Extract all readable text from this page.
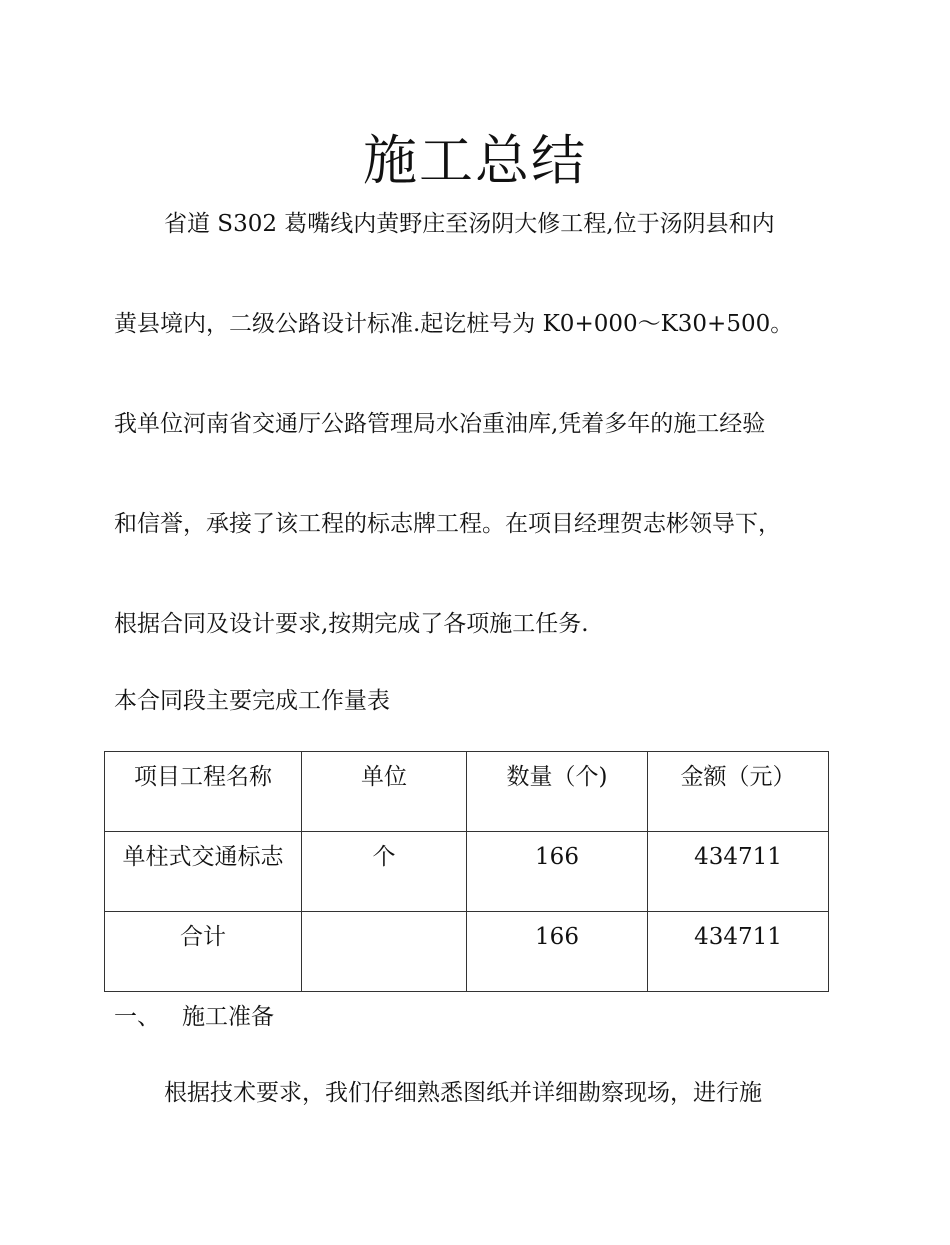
施工总结
省道 S302 葛嘴线内黄野庄至汤阴大修工程,位于汤阴县和内
黄县境内，二级公路设计标准.起讫桩号为 K0+000～K30+500。
我单位河南省交通厅公路管理局水冶重油库,凭着多年的施工经验
和信誉，承接了该工程的标志牌工程。在项目经理贺志彬领导下，
根据合同及设计要求,按期完成了各项施工任务.
本合同段主要完成工作量表
项目工程名称	单位	数量（个)	金额（元）

单柱式交通标志	个	166	434711

合计		166	434711
一、 施工准备
根据技术要求，我们仔细熟悉图纸并详细勘察现场，进行施
